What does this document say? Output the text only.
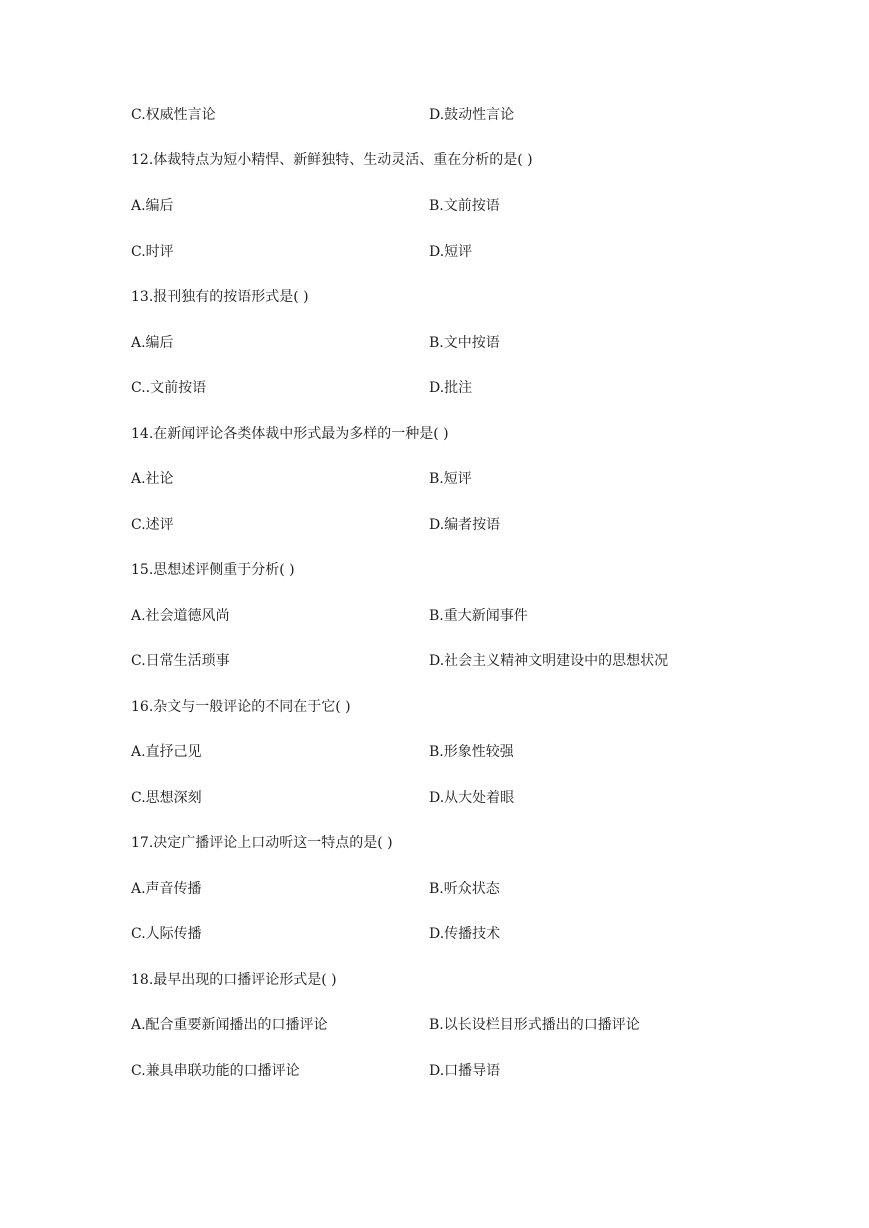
C.权威性言论	D.鼓动性言论
12.体裁特点为短小精悍、新鲜独特、生动灵活、重在分析的是( )
A.编后	B.文前按语
C.时评	D.短评
13.报刊独有的按语形式是( )
A.编后	B.文中按语
C..文前按语	D.批注
14.在新闻评论各类体裁中形式最为多样的一种是( )
A.社论	B.短评
C.述评	D.编者按语
15.思想述评侧重于分析( )
A.社会道德风尚	B.重大新闻事件
C.日常生活琐事	D.社会主义精神文明建设中的思想状况
16.杂文与一般评论的不同在于它( )
A.直抒己见	B.形象性较强
C.思想深刻	D.从大处着眼
17.决定广播评论上口动听这一特点的是( )
A.声音传播	B.听众状态
C.人际传播	D.传播技术
18.最早出现的口播评论形式是( )
A.配合重要新闻播出的口播评论	B.以长设栏目形式播出的口播评论
C.兼具串联功能的口播评论	D.口播导语
